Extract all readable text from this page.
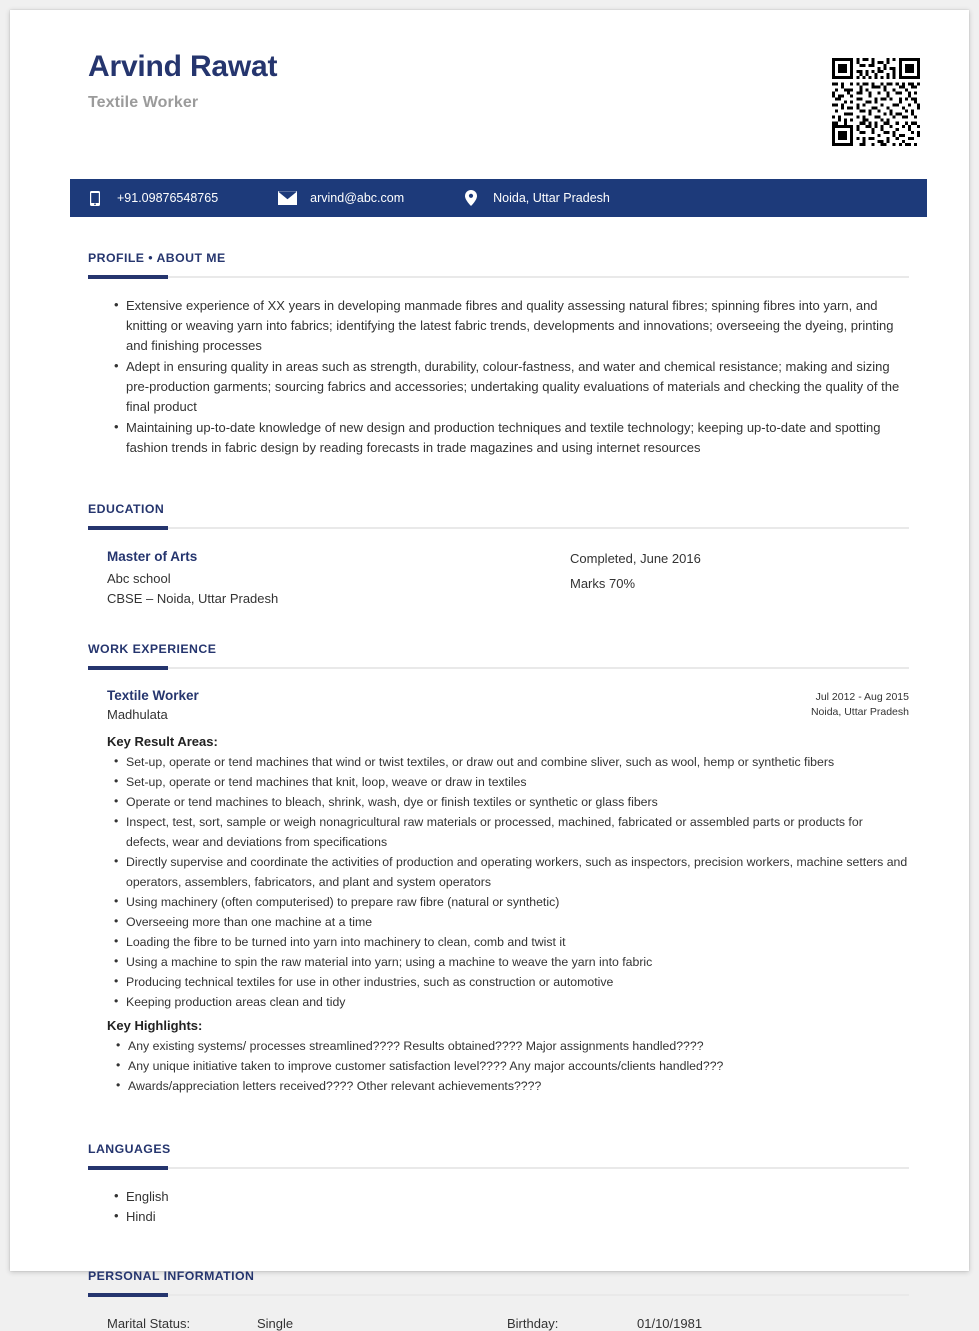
Arvind Rawat
Textile Worker
+91.09876548765	arvind@abc.com	Noida, Uttar Pradesh
PROFILE • ABOUT ME
• Extensive experience of XX years in developing manmade fibres and quality assessing natural fibres; spinning fibres into yarn, and knitting or weaving yarn into fabrics; identifying the latest fabric trends, developments and innovations; overseeing the dyeing, printing and finishing processes
• Adept in ensuring quality in areas such as strength, durability, colour-fastness, and water and chemical resistance; making and sizing pre-production garments; sourcing fabrics and accessories; undertaking quality evaluations of materials and checking the quality of the final product
• Maintaining up-to-date knowledge of new design and production techniques and textile technology; keeping up-to-date and spotting fashion trends in fabric design by reading forecasts in trade magazines and using internet resources
EDUCATION
Master of Arts
Abc school
CBSE – Noida, Uttar Pradesh
Completed, June 2016
Marks 70%
WORK EXPERIENCE
Textile Worker
Madhulata
Jul 2012 - Aug 2015
Noida, Uttar Pradesh
Key Result Areas:
• Set-up, operate or tend machines that wind or twist textiles, or draw out and combine sliver, such as wool, hemp or synthetic fibers
• Set-up, operate or tend machines that knit, loop, weave or draw in textiles
• Operate or tend machines to bleach, shrink, wash, dye or finish textiles or synthetic or glass fibers
• Inspect, test, sort, sample or weigh nonagricultural raw materials or processed, machined, fabricated or assembled parts or products for defects, wear and deviations from specifications
• Directly supervise and coordinate the activities of production and operating workers, such as inspectors, precision workers, machine setters and operators, assemblers, fabricators, and plant and system operators
• Using machinery (often computerised) to prepare raw fibre (natural or synthetic)
• Overseeing more than one machine at a time
• Loading the fibre to be turned into yarn into machinery to clean, comb and twist it
• Using a machine to spin the raw material into yarn; using a machine to weave the yarn into fabric
• Producing technical textiles for use in other industries, such as construction or automotive
• Keeping production areas clean and tidy
Key Highlights:
• Any existing systems/ processes streamlined???? Results obtained???? Major assignments handled????
• Any unique initiative taken to improve customer satisfaction level???? Any major accounts/clients handled???
• Awards/appreciation letters received???? Other relevant achievements????
LANGUAGES
• English
• Hindi
PERSONAL INFORMATION
Marital Status:	Single	Birthday:	01/10/1981
